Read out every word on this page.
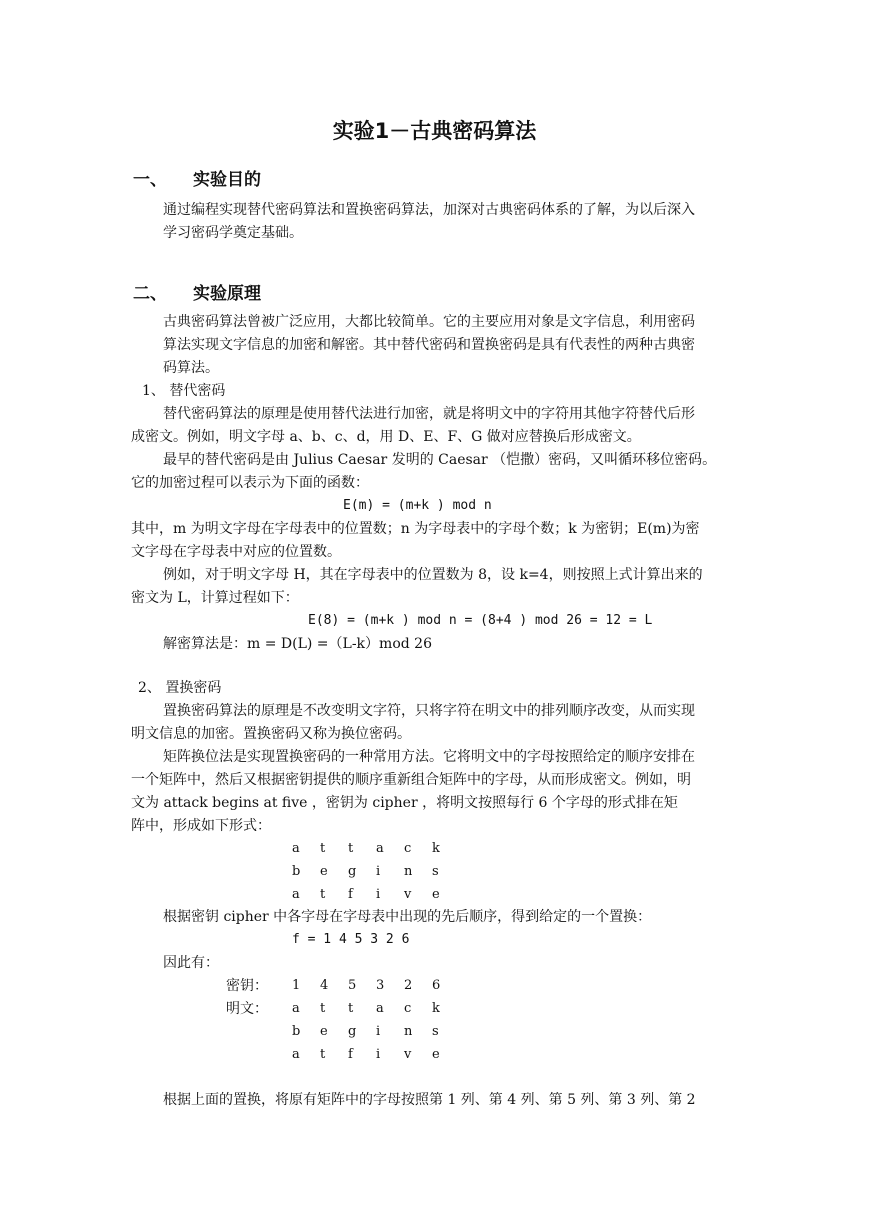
实验1－古典密码算法
一、 实验目的
通过编程实现替代密码算法和置换密码算法，加深对古典密码体系的了解，为以后深入
学习密码学奠定基础。
二、 实验原理
古典密码算法曾被广泛应用，大都比较简单。它的主要应用对象是文字信息，利用密码
算法实现文字信息的加密和解密。其中替代密码和置换密码是具有代表性的两种古典密
码算法。
1、 替代密码
替代密码算法的原理是使用替代法进行加密，就是将明文中的字符用其他字符替代后形
成密文。例如，明文字母 a、b、c、d，用 D、E、F、G 做对应替换后形成密文。
最早的替代密码是由 Julius Caesar 发明的 Caesar （恺撒）密码，又叫循环移位密码。
它的加密过程可以表示为下面的函数：
E(m) = (m+k ) mod n
其中，m 为明文字母在字母表中的位置数；n 为字母表中的字母个数；k 为密钥；E(m)为密
文字母在字母表中对应的位置数。
例如，对于明文字母 H，其在字母表中的位置数为 8，设 k=4，则按照上式计算出来的
密文为 L，计算过程如下：
E(8) = (m+k ) mod n = (8+4 ) mod 26 = 12 = L
解密算法是：m = D(L) =（L-k）mod 26
2、 置换密码
置换密码算法的原理是不改变明文字符，只将字符在明文中的排列顺序改变，从而实现
明文信息的加密。置换密码又称为换位密码。
矩阵换位法是实现置换密码的一种常用方法。它将明文中的字母按照给定的顺序安排在
一个矩阵中，然后又根据密钥提供的顺序重新组合矩阵中的字母，从而形成密文。例如，明
文为 attack begins at five ，密钥为 cipher ，将明文按照每行 6 个字母的形式排在矩
阵中，形成如下形式：
a t t a c k
b e g i n s
a t f i v e
根据密钥 cipher 中各字母在字母表中出现的先后顺序，得到给定的一个置换：
f = 1 4 5 3 2 6
因此有：
密钥： 1 4 5 3 2 6
明文： a t t a c k
b e g i n s
a t f i v e
根据上面的置换，将原有矩阵中的字母按照第 1 列、第 4 列、第 5 列、第 3 列、第 2
